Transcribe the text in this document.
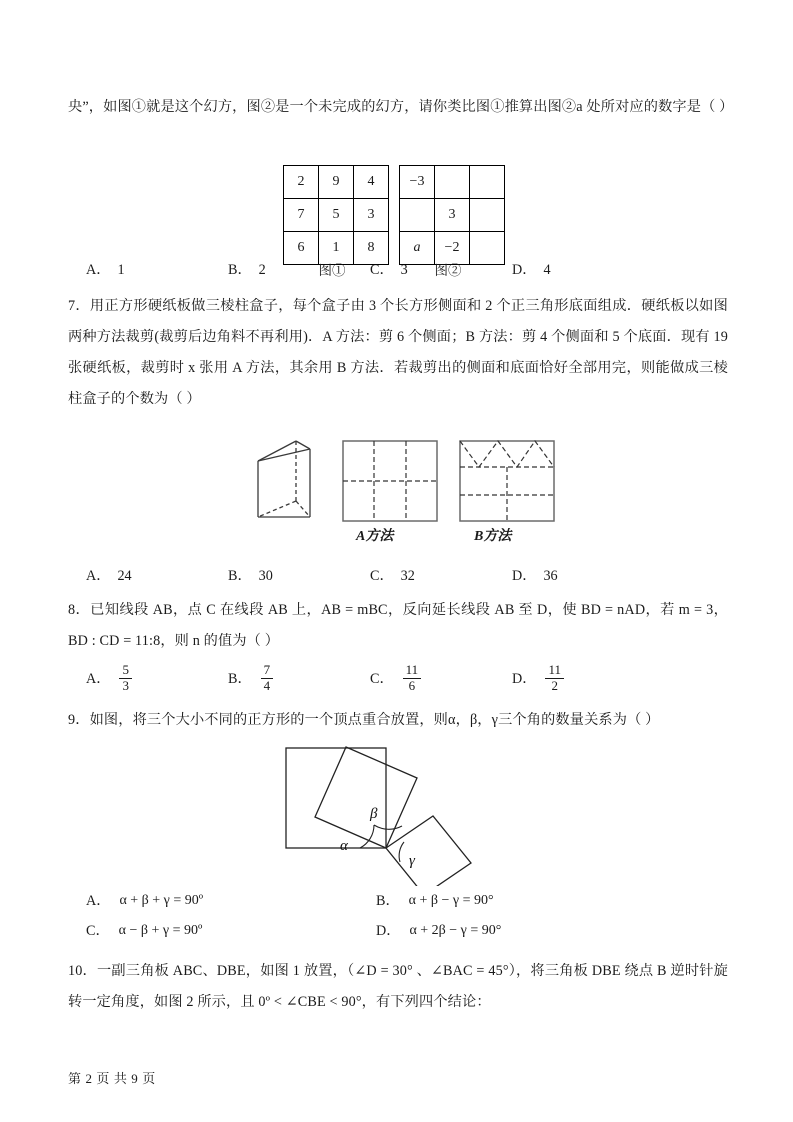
央”，如图①就是这个幻方，图②是一个未完成的幻方，请你类比图①推算出图②a 处所对应的数字是（ ）
2	9	4
7	5	3
6	1	8
−3		
	3	
a	−2	
图①	图②
A． 1	B． 2	C． 3	D． 4
7．用正方形硬纸板做三棱柱盒子，每个盒子由 3 个长方形侧面和 2 个正三角形底面组成．硬纸板以如图两种方法裁剪(裁剪后边角料不再利用)．A 方法：剪 6 个侧面；B 方法：剪 4 个侧面和 5 个底面．现有 19 张硬纸板，裁剪时 x 张用 A 方法，其余用 B 方法．若裁剪出的侧面和底面恰好全部用完，则能做成三棱柱盒子的个数为（ ）
A方法	B方法
A． 24	B． 30	C． 32	D． 36
8．已知线段 AB，点 C 在线段 AB 上，AB = mBC，反向延长线段 AB 至 D，使 BD = nAD，若 m = 3，BD : CD = 11:8，则 n 的值为（ ）
A． $\frac{5}{3}$	B． $\frac{7}{4}$	C． $\frac{11}{6}$	D． $\frac{11}{2}$
9．如图，将三个大小不同的正方形的一个顶点重合放置，则α，β，γ三个角的数量关系为（ ）
α
β
γ
A． α + β + γ = 90º	B． α + β − γ = 90°
C． α − β + γ = 90º	D． α + 2β − γ = 90°
10．一副三角板 ABC、DBE，如图 1 放置，（∠D = 30° 、∠BAC = 45°），将三角板 DBE 绕点 B 逆时针旋转一定角度，如图 2 所示，且 0º < ∠CBE < 90°，有下列四个结论：
第 2 页 共 9 页
